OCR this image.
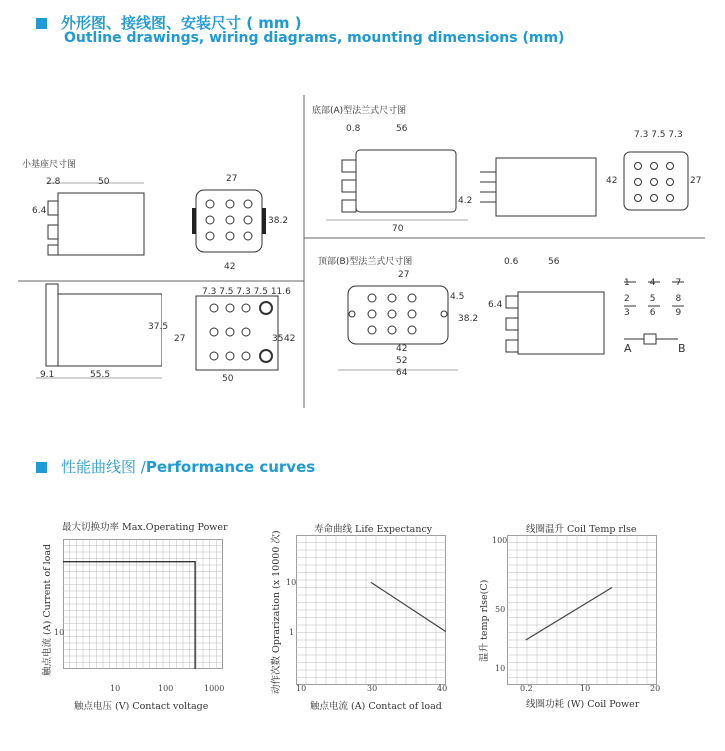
外形图、接线图、安装尺寸 ( mm )
Outline drawings, wiring diagrams, mounting dimensions (mm)
小基座尺寸图
2.8	50
6.4
27
38.2
42
9.1	55.5
37.5
7.3 7.5 7.3 7.5 11.6
27	35 42
50
底部(A)型法兰式尺寸图
0.8	56
4.2
70
7.3 7.5 7.3
42	27
顶部(B)型法兰式尺寸图
27
38.2
4.5
42
52
64
0.6	56
6.4
1 4 7
2 5 8
3 6 9
A	B
性能曲线图 /Performance curves
最大切换功率 Max.Operating Power
触点电流 (A) Current of load
10	100	1000
10
触点电压 (V) Contact voltage
寿命曲线 Life Expectancy
动作次数 Oprarization (x 10000 次) 10	30	40
10
1
触点电流 (A) Contact of load
线圈温升 Coil Temp rlse
温升 temp rlse(C)
0.2	10	20
100
50
10
线圈功耗 (W) Coil Power
